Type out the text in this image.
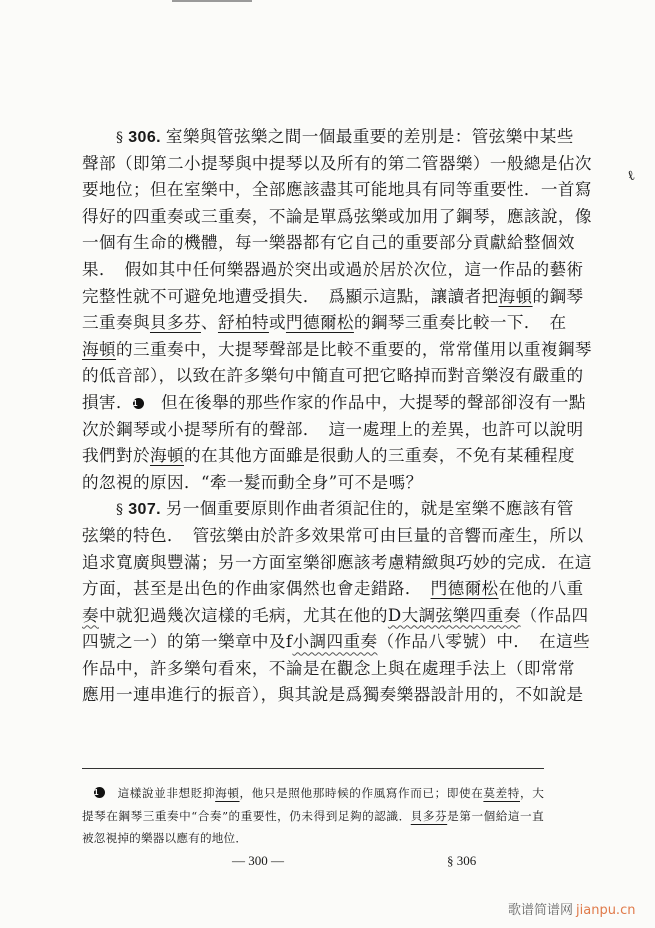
ℓ
§ 306. 室樂與管弦樂之間一個最重要的差別是：管弦樂中某些
聲部（即第二小提琴與中提琴以及所有的第二管器樂）一般總是佔次
要地位；但在室樂中，全部應該盡其可能地具有同等重要性．一首寫
得好的四重奏或三重奏，不論是單爲弦樂或加用了鋼琴，應該說，像
一個有生命的機體，每一樂器都有它自己的重要部分貢獻給整個效
果．　假如其中任何樂器過於突出或過於居於次位，這一作品的藝術
完整性就不可避免地遭受損失．　爲顯示這點，讓讀者把海頓的鋼琴
三重奏與貝多芬、舒柏特或門德爾松的鋼琴三重奏比較一下．　在
海頓的三重奏中，大提琴聲部是比較不重要的，常常僅用以重複鋼琴
的低音部），以致在許多樂句中簡直可把它略掉而對音樂沒有嚴重的
損害．1　但在後舉的那些作家的作品中，大提琴的聲部卻沒有一點
次於鋼琴或小提琴所有的聲部．　這一處理上的差異，也許可以說明
我們對於海頓的在其他方面雖是很動人的三重奏，不免有某種程度
的忽視的原因．“牽一髮而動全身”可不是嗎？
§ 307. 另一個重要原則作曲者須記住的，就是室樂不應該有管
弦樂的特色．　管弦樂由於許多效果常可由巨量的音響而產生，所以
追求寬廣與豐滿；另一方面室樂卻應該考慮精緻與巧妙的完成．在這
方面，甚至是出色的作曲家偶然也會走錯路．　門德爾松在他的八重
奏中就犯過幾次這樣的毛病，尤其在他的D大調弦樂四重奏（作品四
四號之一）的第一樂章中及f小調四重奏（作品八零號）中．　在這些
作品中，許多樂句看來，不論是在觀念上與在處理手法上（即常常
應用一連串進行的振音），與其說是爲獨奏樂器設計用的，不如說是
1　這樣說並非想貶抑海頓，他只是照他那時候的作風寫作而已；即使在莫差特，大
提琴在鋼琴三重奏中“合奏”的重要性，仍未得到足夠的認識．貝多芬是第一個給這一直
被忽視掉的樂器以應有的地位．
— 300 —	§ 306
歌谱简谱网 jianpu.cn
